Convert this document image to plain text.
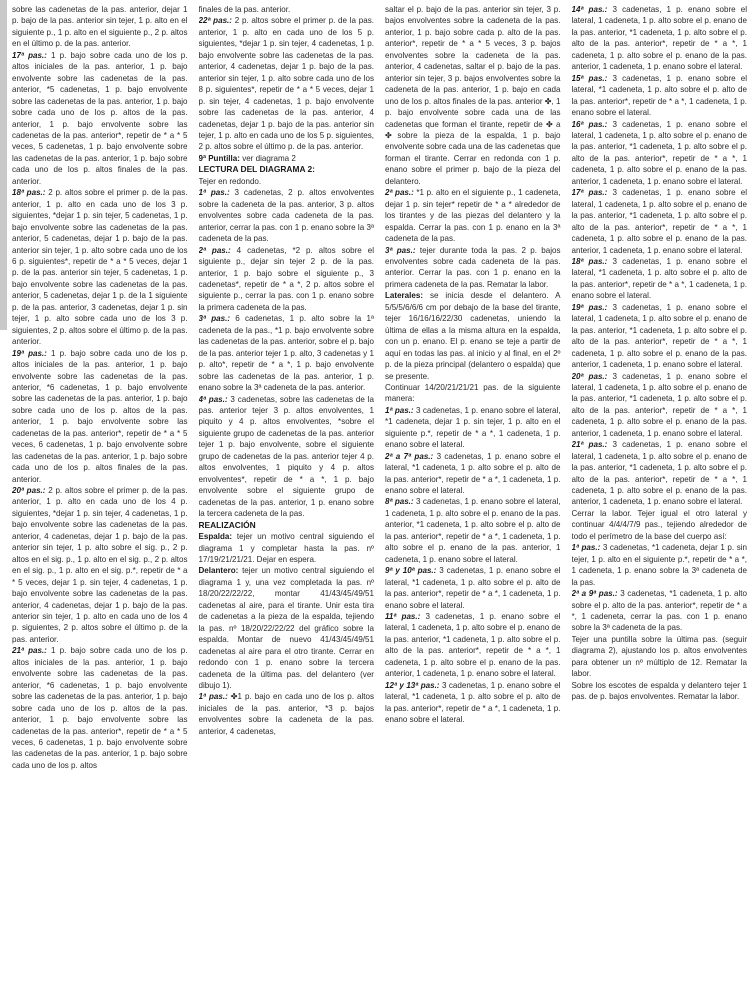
sobre las cadenetas de la pas. anterior, dejar 1 p. bajo de la pas. anterior sin tejer, 1 p. alto en el siguiente p., 1 p. alto en el siguiente p., 2 p. altos en el último p. de la pas. anterior.

17ª pas.: 1 p. bajo sobre cada uno de los p. altos iniciales de la pas. anterior, 1 p. bajo envolvente sobre las cadenetas de la pas. anterior, *5 cadenetas, 1 p. bajo envolvente sobre las cadenetas de la pas. anterior, 1 p. bajo sobre cada uno de los p. altos de la pas. anterior, 1 p. bajo envolvente sobre las cadenetas de la pas. anterior*, repetir de * a * 5 veces, 5 cadenetas, 1 p. bajo envolvente sobre las cadenetas de la pas. anterior, 1 p. bajo sobre cada uno de los p. altos finales de la pas. anterior.

18ª pas.: 2 p. altos sobre el primer p. de la pas. anterior, 1 p. alto en cada uno de los 3 p. siguientes, *dejar 1 p. sin tejer, 5 cadenetas, 1 p. bajo envolvente sobre las cadenetas de la pas. anterior, 5 cadenetas, dejar 1 p. bajo de la pas. anterior sin tejer, 1 p. alto sobre cada uno de los 6 p. siguientes*, repetir de * a * 5 veces, dejar 1 p. de la pas. anterior sin tejer, 5 cadenetas, 1 p. bajo envolvente sobre las cadenetas de la pas. anterior, 5 cadenetas, dejar 1 p. de la 1 siguiente p. de la pas. anterior, 3 cadenetas, dejar 1 p. sin tejer, 1 p. alto sobre cada uno de los 3 p. siguientes, 2 p. altos sobre el último p. de la pas. anterior.

19ª pas.: 1 p. bajo sobre cada uno de los p. altos iniciales de la pas. anterior, 1 p. bajo envolvente sobre las cadenetas de la pas. anterior, *6 cadenetas, 1 p. bajo envolvente sobre las cadenetas de la pas. anterior, 1 p. bajo sobre cada uno de los p. altos de la pas. anterior, 1 p. bajo envolvente sobre las cadenetas de la pas. anterior*, repetir de * a * 5 veces, 6 cadenetas, 1 p. bajo envolvente sobre las cadenetas de la pas. anterior, 1 p. bajo sobre cada uno de los p. altos finales de la pas. anterior.

20ª pas.: 2 p. altos sobre el primer p. de la pas. anterior, 1 p. alto en cada uno de los 4 p. siguientes, *dejar 1 p. sin tejer, 4 cadenetas, 1 p. bajo envolvente sobre las cadenetas de la pas. anterior, 4 cadenetas, dejar 1 p. bajo de la pas. anterior sin tejer, 1 p. alto sobre el sig. p., 2 p. altos en el sig. p., 1 p. alto en el sig. p., 2 p. altos en el sig. p., 1 p. alto en el sig. p.*, repetir de * a * 5 veces, dejar 1 p. sin tejer, 4 cadenetas, 1 p. bajo envolvente sobre las cadenetas de la pas. anterior, 4 cadenetas, dejar 1 p. bajo de la pas. anterior sin tejer, 1 p. alto en cada uno de los 4 p. siguientes, 2 p. altos sobre el último p. de la pas. anterior.

21ª pas.: 1 p. bajo sobre cada uno de los p. altos iniciales de la pas. anterior, 1 p. bajo envolvente sobre las cadenetas de la pas. anterior, *6 cadenetas, 1 p. bajo envolvente sobre las cadenetas de la pas. anterior, 1 p. bajo sobre cada uno de los p. altos de la pas. anterior, 1 p. bajo envolvente sobre las cadenetas de la pas. anterior*, repetir de * a * 5 veces, 6 cadenetas, 1 p. bajo envolvente sobre las cadenetas de la pas. anterior, 1 p. bajo sobre cada uno de los p. altos

finales de la pas. anterior.

22ª pas.: 2 p. altos sobre el primer p. de la pas. anterior, 1 p. alto en cada uno de los 5 p. siguientes, *dejar 1 p. sin tejer, 4 cadenetas, 1 p. bajo envolvente sobre las cadenetas de la pas. anterior, 4 cadenetas, dejar 1 p. bajo de la pas. anterior sin tejer, 1 p. alto sobre cada uno de los 8 p. siguientes*, repetir de * a * 5 veces, dejar 1 p. sin tejer, 4 cadenetas, 1 p. bajo envolvente sobre las cadenetas de la pas. anterior, 4 cadenetas, dejar 1 p. bajo de la pas. anterior sin tejer, 1 p. alto en cada uno de los 5 p. siguientes, 2 p. altos sobre el último p. de la pas. anterior.

9ª Puntilla: ver diagrama 2

LECTURA DEL DIAGRAMA 2:

Tejer en redondo.

1ª pas.: 3 cadenetas, 2 p. altos envolventes sobre la cadeneta de la pas. anterior, 3 p. altos envolventes sobre cada cadeneta de la pas. anterior, cerrar la pas. con 1 p. enano sobre la 3ª cadeneta de la pas.

2ª pas.: 4 cadenetas, *2 p. altos sobre el siguiente p., dejar sin tejer 2 p. de la pas. anterior, 1 p. bajo sobre el siguiente p., 3 cadenetas*, repetir de * a *, 2 p. altos sobre el siguiente p., cerrar la pas. con 1 p. enano sobre la primera cadeneta de la pas.

3ª pas.: 6 cadenetas, 1 p. alto sobre la 1ª cadeneta de la pas., *1 p. bajo envolvente sobre las cadenetas de la pas. anterior, sobre el p. bajo de la pas. anterior tejer 1 p. alto, 3 cadenetas y 1 p. alto*, repetir de * a *, 1 p. bajo envolvente sobre las cadenetas de la pas. anterior, 1 p. enano sobre la 3ª cadeneta de la pas. anterior.

4ª pas.: 3 cadenetas, sobre las cadenetas de la pas. anterior tejer 3 p. altos envolventes, 1 piquito y 4 p. altos envolventes, *sobre el siguiente grupo de cadenetas de la pas. anterior tejer 1 p. bajo envolvente, sobre el siguiente grupo de cadenetas de la pas. anterior tejer 4 p. altos envolventes, 1 piquito y 4 p. altos envolventes*, repetir de * a *, 1 p. bajo envolvente sobre el siguiente grupo de cadenetas de la pas. anterior, 1 p. enano sobre la tercera cadeneta de la pas.

REALIZACIÓN

Espalda: tejer un motivo central siguiendo el diagrama 1 y completar hasta la pas. nº 17/19/21/21/21. Dejar en espera.

Delantero: tejer un motivo central siguiendo el diagrama 1 y, una vez completada la pas. nº 18/20/22/22/22, montar 41/43/45/49/51 cadenetas al aire, para el tirante. Unir esta tira de cadenetas a la pieza de la espalda, tejiendo la pas. nº 18/20/22/22/22 del gráfico sobre la espalda. Montar de nuevo 41/43/45/49/51 cadenetas al aire para el otro tirante. Cerrar en redondo con 1 p. enano sobre la tercera cadeneta de la última pas. del delantero (ver dibujo 1).

1ª pas.: ✤1 p. bajo en cada uno de los p. altos iniciales de la pas. anterior, *3 p. bajos envolventes sobre la cadeneta de la pas. anterior, 4 cadenetas,

saltar el p. bajo de la pas. anterior sin tejer, 3 p. bajos envolventes sobre la cadeneta de la pas. anterior, 1 p. bajo sobre cada p. alto de la pas. anterior*, repetir de * a * 5 veces, 3 p. bajos envolventes sobre la cadeneta de la pas. anterior, 4 cadenetas, saltar el p. bajo de la pas. anterior sin tejer, 3 p. bajos envolventes sobre la cadeneta de la pas. anterior, 1 p. bajo en cada uno de los p. altos finales de la pas. anterior ✤, 1 p. bajo envolvente sobre cada una de las cadenetas que forman el tirante, repetir de ✤ a ✤ sobre la pieza de la espalda, 1 p. bajo envolvente sobre cada una de las cadenetas que forman el tirante. Cerrar en redonda con 1 p. enano sobre el primer p. bajo de la pieza del delantero.

2ª pas.: *1 p. alto en el siguiente p., 1 cadeneta, dejar 1 p. sin tejer* repetir de * a * alrededor de los tirantes y de las piezas del delantero y la espalda. Cerrar la pas. con 1 p. enano en la 3ª cadeneta de la pas.

3ª pas.: tejer durante toda la pas. 2 p. bajos envolventes sobre cada cadeneta de la pas. anterior. Cerrar la pas. con 1 p. enano en la primera cadeneta de la pas. Rematar la labor.

Laterales: se inicia desde el delantero. A 5/5/5/6/6/6 cm por debajo de la base del tirante, tejer 16/16/16/22/30 cadenetas, uniendo la última de ellas a la misma altura en la espalda, con un p. enano. El p. enano se teje a partir de aquí en todas las pas. al inicio y al final, en el 2º p. de la pieza principal (delantero o espalda) que se presente.

Continuar 14/20/21/21/21 pas. de la siguiente manera:

1ª pas.: 3 cadenetas, 1 p. enano sobre el lateral, *1 cadeneta, dejar 1 p. sin tejer, 1 p. alto en el siguiente p.*, repetir de * a *, 1 cadeneta, 1 p. enano sobre el lateral.

2ª a 7ª pas.: 3 cadenetas, 1 p. enano sobre el lateral, *1 cadeneta, 1 p. alto sobre el p. alto de la pas. anterior*, repetir de * a *, 1 cadeneta, 1 p. enano sobre el lateral.

8ª pas.: 3 cadenetas, 1 p. enano sobre el lateral, 1 cadeneta, 1 p. alto sobre el p. enano de la pas. anterior, *1 cadeneta, 1 p. alto sobre el p. alto de la pas. anterior*, repetir de * a *, 1 cadeneta, 1 p. alto sobre el p. enano de la pas. anterior, 1 cadeneta, 1 p. enano sobre el lateral.

9ª y 10ª pas.: 3 cadenetas, 1 p. enano sobre el lateral, *1 cadeneta, 1 p. alto sobre el p. alto de la pas. anterior*, repetir de * a *, 1 cadeneta, 1 p. enano sobre el lateral.

11ª pas.: 3 cadenetas, 1 p. enano sobre el lateral, 1 cadeneta, 1 p. alto sobre el p. enano de la pas. anterior, *1 cadeneta, 1 p. alto sobre el p. alto de la pas. anterior*, repetir de * a *, 1 cadeneta, 1 p. alto sobre el p. enano de la pas. anterior, 1 cadeneta, 1 p. enano sobre el lateral.

12ª y 13ª pas.: 3 cadenetas, 1 p. enano sobre el lateral, *1 cadeneta, 1 p. alto sobre el p. alto de la pas. anterior*, repetir de * a *, 1 cadeneta, 1 p. enano sobre el lateral.

14ª pas.: 3 cadenetas, 1 p. enano sobre el lateral, 1 cadeneta, 1 p. alto sobre el p. enano de la pas. anterior, *1 cadeneta, 1 p. alto sobre el p. alto de la pas. anterior*, repetir de * a *, 1 cadeneta, 1 p. alto sobre el p. enano de la pas. anterior, 1 cadeneta, 1 p. enano sobre el lateral.

15ª pas.: 3 cadenetas, 1 p. enano sobre el lateral, *1 cadeneta, 1 p. alto sobre el p. alto de la pas. anterior*, repetir de * a *, 1 cadeneta, 1 p. enano sobre el lateral.

16ª pas.: 3 cadenetas, 1 p. enano sobre el lateral, 1 cadeneta, 1 p. alto sobre el p. enano de la pas. anterior, *1 cadeneta, 1 p. alto sobre el p. alto de la pas. anterior*, repetir de * a *, 1 cadeneta, 1 p. alto sobre el p. enano de la pas. anterior, 1 cadeneta, 1 p. enano sobre el lateral.

17ª pas.: 3 cadenetas, 1 p. enano sobre el lateral, 1 cadeneta, 1 p. alto sobre el p. enano de la pas. anterior, *1 cadeneta, 1 p. alto sobre el p. alto de la pas. anterior*, repetir de * a *, 1 cadeneta, 1 p. alto sobre el p. enano de la pas. anterior, 1 cadeneta, 1 p. enano sobre el lateral.

18ª pas.: 3 cadenetas, 1 p. enano sobre el lateral, *1 cadeneta, 1 p. alto sobre el p. alto de la pas. anterior*, repetir de * a *, 1 cadeneta, 1 p. enano sobre el lateral.

19ª pas.: 3 cadenetas, 1 p. enano sobre el lateral, 1 cadeneta, 1 p. alto sobre el p. enano de la pas. anterior, *1 cadeneta, 1 p. alto sobre el p. alto de la pas. anterior*, repetir de * a *, 1 cadeneta, 1 p. alto sobre el p. enano de la pas. anterior, 1 cadeneta, 1 p. enano sobre el lateral.

20ª pas.: 3 cadenetas, 1 p. enano sobre el lateral, 1 cadeneta, 1 p. alto sobre el p. enano de la pas. anterior, *1 cadeneta, 1 p. alto sobre el p. alto de la pas. anterior*, repetir de * a *, 1 cadeneta, 1 p. alto sobre el p. enano de la pas. anterior, 1 cadeneta, 1 p. enano sobre el lateral.

21ª pas.: 3 cadenetas, 1 p. enano sobre el lateral, 1 cadeneta, 1 p. alto sobre el p. enano de la pas. anterior, *1 cadeneta, 1 p. alto sobre el p. alto de la pas. anterior*, repetir de * a *, 1 cadeneta, 1 p. alto sobre el p. enano de la pas. anterior, 1 cadeneta, 1 p. enano sobre el lateral.

Cerrar la labor. Tejer igual el otro lateral y continuar 4/4/4/7/9 pas., tejiendo alrededor de todo el perímetro de la base del cuerpo así:

1ª pas.: 3 cadenetas, *1 cadeneta, dejar 1 p. sin tejer, 1 p. alto en el siguiente p.*, repetir de * a *, 1 cadeneta, 1 p. enano sobre la 3ª cadeneta de la pas.

2ª a 9ª pas.: 3 cadenetas, *1 cadeneta, 1 p. alto sobre el p. alto de la pas. anterior*, repetir de * a *, 1 cadeneta, cerrar la pas. con 1 p. enano sobre la 3ª cadeneta de la pas.

Tejer una puntilla sobre la última pas. (seguir diagrama 2), ajustando los p. altos envolventes para obtener un nº múltiplo de 12. Rematar la labor.

Sobre los escotes de espalda y delantero tejer 1 pas. de p. bajos envolventes. Rematar la labor.
